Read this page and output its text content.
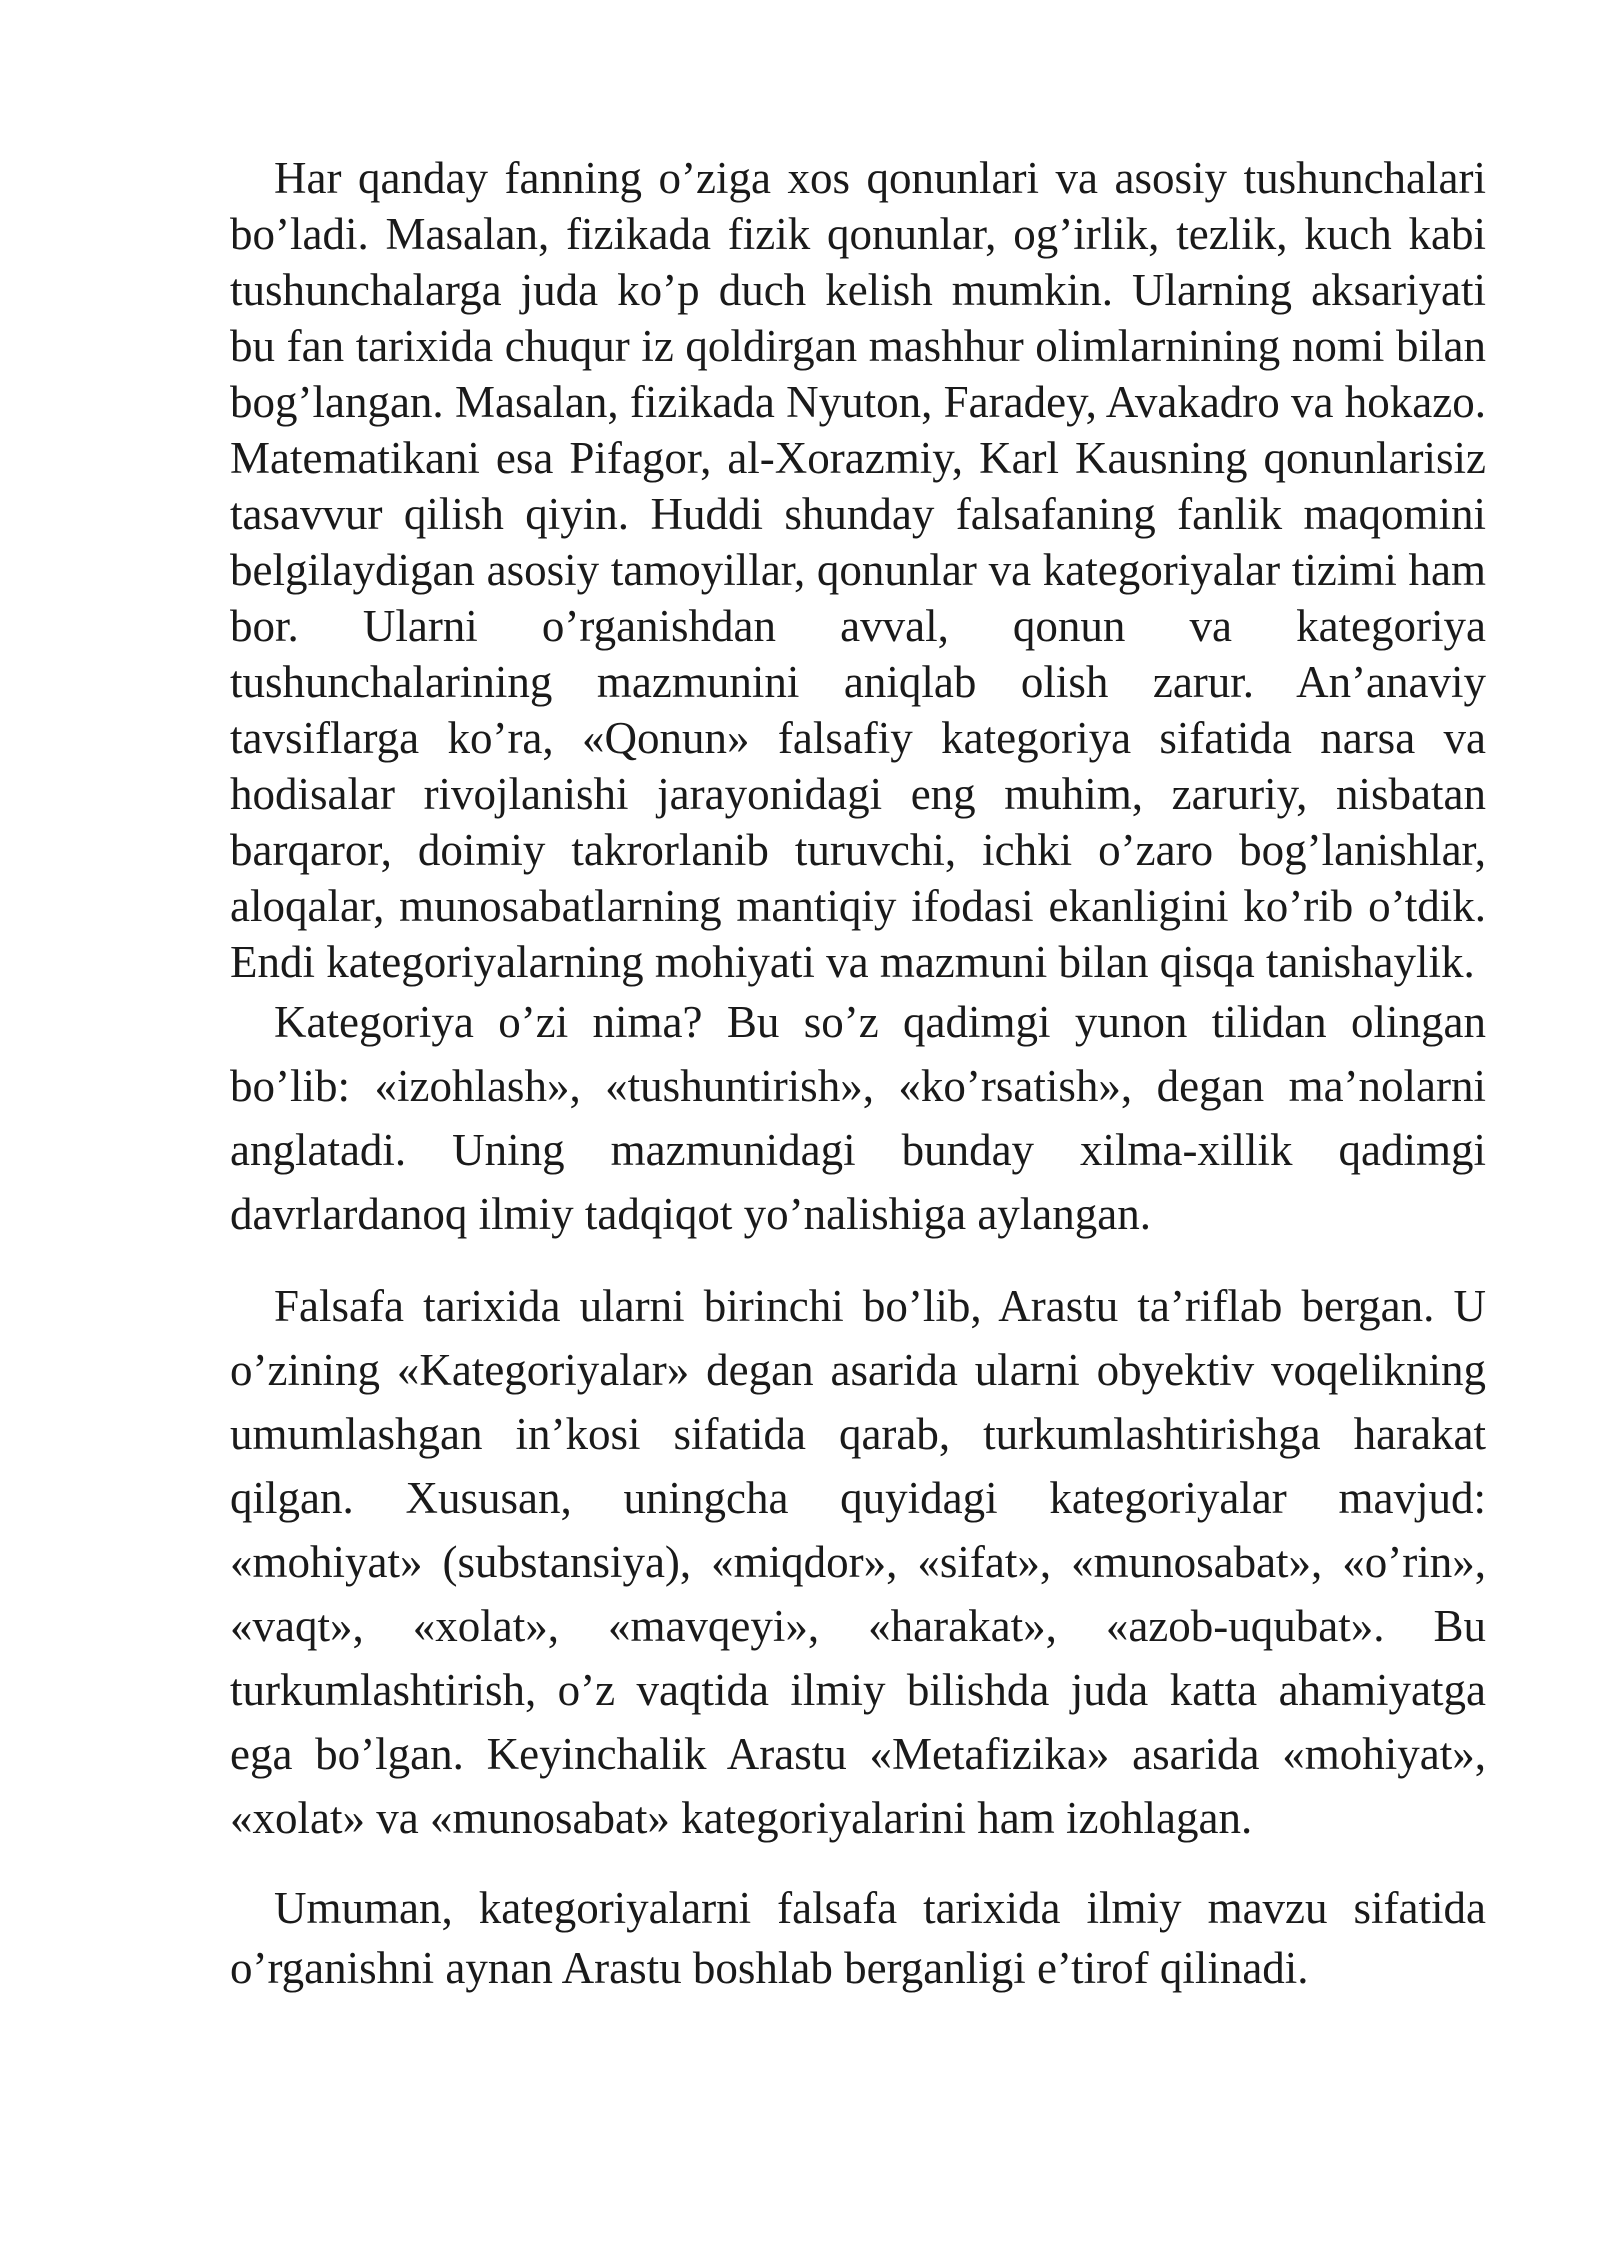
Har qanday fanning o’ziga xos qonunlari va asosiy tushunchalari bo’ladi. Masalan, fizikada fizik qonunlar, og’irlik, tezlik, kuch kabi tushunchalarga juda ko’p duch kelish mumkin. Ularning aksariyati bu fan tarixida chuqur iz qoldirgan mashhur olimlarnining nomi bilan bog’langan. Masalan, fizikada Nyuton, Faradey, Avakadro va hokazo. Matematikani esa Pifagor, al-Xorazmiy, Karl Kausning qonunlarisiz tasavvur qilish qiyin. Huddi shunday falsafaning fanlik maqomini belgilaydigan asosiy tamoyillar, qonunlar va kategoriyalar tizimi ham bor. Ularni o’rganishdan avval, qonun va kategoriya tushunchalarining mazmunini aniqlab olish zarur. An’anaviy tavsiflarga ko’ra, «Qonun» falsafiy kategoriya sifatida narsa va hodisalar rivojlanishi jarayonidagi eng muhim, zaruriy, nisbatan barqaror, doimiy takrorlanib turuvchi, ichki o’zaro bog’lanishlar, aloqalar, munosabatlarning mantiqiy ifodasi ekanligini ko’rib o’tdik. Endi kategoriyalarning mohiyati va mazmuni bilan qisqa tanishaylik.

Kategoriya o’zi nima? Bu so’z qadimgi yunon tilidan olingan bo’lib: «izohlash», «tushuntirish», «ko’rsatish», degan ma’nolarni anglatadi. Uning mazmunidagi bunday xilma-xillik qadimgi davrlardanoq ilmiy tadqiqot yo’nalishiga aylangan.

Falsafa tarixida ularni birinchi bo’lib, Arastu ta’riflab bergan. U o’zining «Kategoriyalar» degan asarida ularni obyektiv voqelikning umumlashgan in’kosi sifatida qarab, turkumlashtirishga harakat qilgan. Xususan, uningcha quyidagi kategoriyalar mavjud: «mohiyat» (substansiya), «miqdor», «sifat», «munosabat», «o’rin», «vaqt», «xolat», «mavqeyi», «harakat», «azob-uqubat». Bu turkumlashtirish, o’z vaqtida ilmiy bilishda juda katta ahamiyatga ega bo’lgan. Keyinchalik Arastu «Metafizika» asarida «mohiyat», «xolat» va «munosabat» kategoriyalarini ham izohlagan.

Umuman, kategoriyalarni falsafa tarixida ilmiy mavzu sifatida o’rganishni aynan Arastu boshlab berganligi e’tirof qilinadi.
